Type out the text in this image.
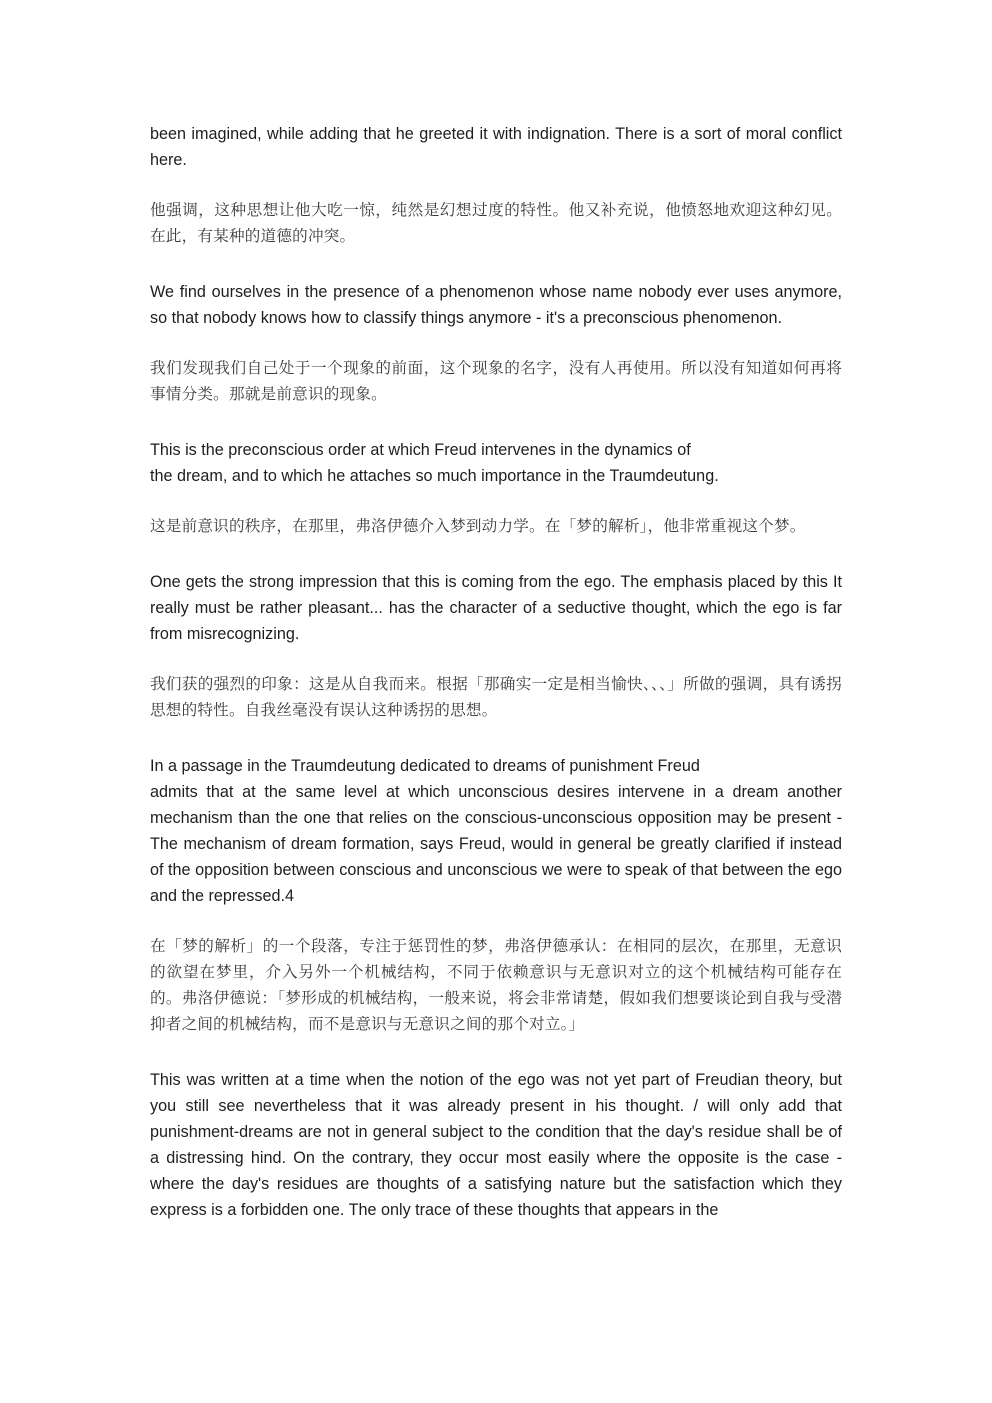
been imagined, while adding that he greeted it with indignation. There is a sort of moral conflict here.

他强调，这种思想让他大吃一惊，纯然是幻想过度的特性。他又补充说，他愤怒地欢迎这种幻见。在此，有某种的道德的冲突。

We find ourselves in the presence of a phenomenon whose name nobody ever uses anymore, so that nobody knows how to classify things anymore - it's a preconscious phenomenon.

我们发现我们自己处于一个现象的前面，这个现象的名字，没有人再使用。所以没有知道如何再将事情分类。那就是前意识的现象。

This is the preconscious order at which Freud intervenes in the dynamics of
the dream, and to which he attaches so much importance in the Traumdeutung.

这是前意识的秩序，在那里，弗洛伊德介入梦到动力学。在「梦的解析」，他非常重视这个梦。

One gets the strong impression that this is coming from the ego. The emphasis placed by this It really must be rather pleasant... has the character of a seductive thought, which the ego is far from misrecognizing.

我们获的强烈的印象：这是从自我而来。根据「那确实一定是相当愉快、、、」所做的强调，具有诱拐思想的特性。自我丝毫没有误认这种诱拐的思想。

In a passage in the Traumdeutung dedicated to dreams of punishment Freud
admits that at the same level at which unconscious desires intervene in a dream another mechanism than the one that relies on the conscious-unconscious opposition may be present - The mechanism of dream formation, says Freud, would in general be greatly clarified if instead of the opposition between conscious and unconscious we were to speak of that between the ego and the repressed.4

在「梦的解析」的一个段落，专注于惩罚性的梦，弗洛伊德承认：在相同的层次，在那里，无意识的欲望在梦里，介入另外一个机械结构，不同于依赖意识与无意识对立的这个机械结构可能存在的。弗洛伊德说：「梦形成的机械结构，一般来说，将会非常请楚，假如我们想要谈论到自我与受潜抑者之间的机械结构，而不是意识与无意识之间的那个对立。」

This was written at a time when the notion of the ego was not yet part of Freudian theory, but you still see nevertheless that it was already present in his thought. / will only add that punishment-dreams are not in general subject to the condition that the day's residue shall be of a distressing hind. On the contrary, they occur most easily where the opposite is the case - where the day's residues are thoughts of a satisfying nature but the satisfaction which they express is a forbidden one. The only trace of these thoughts that appears in the
